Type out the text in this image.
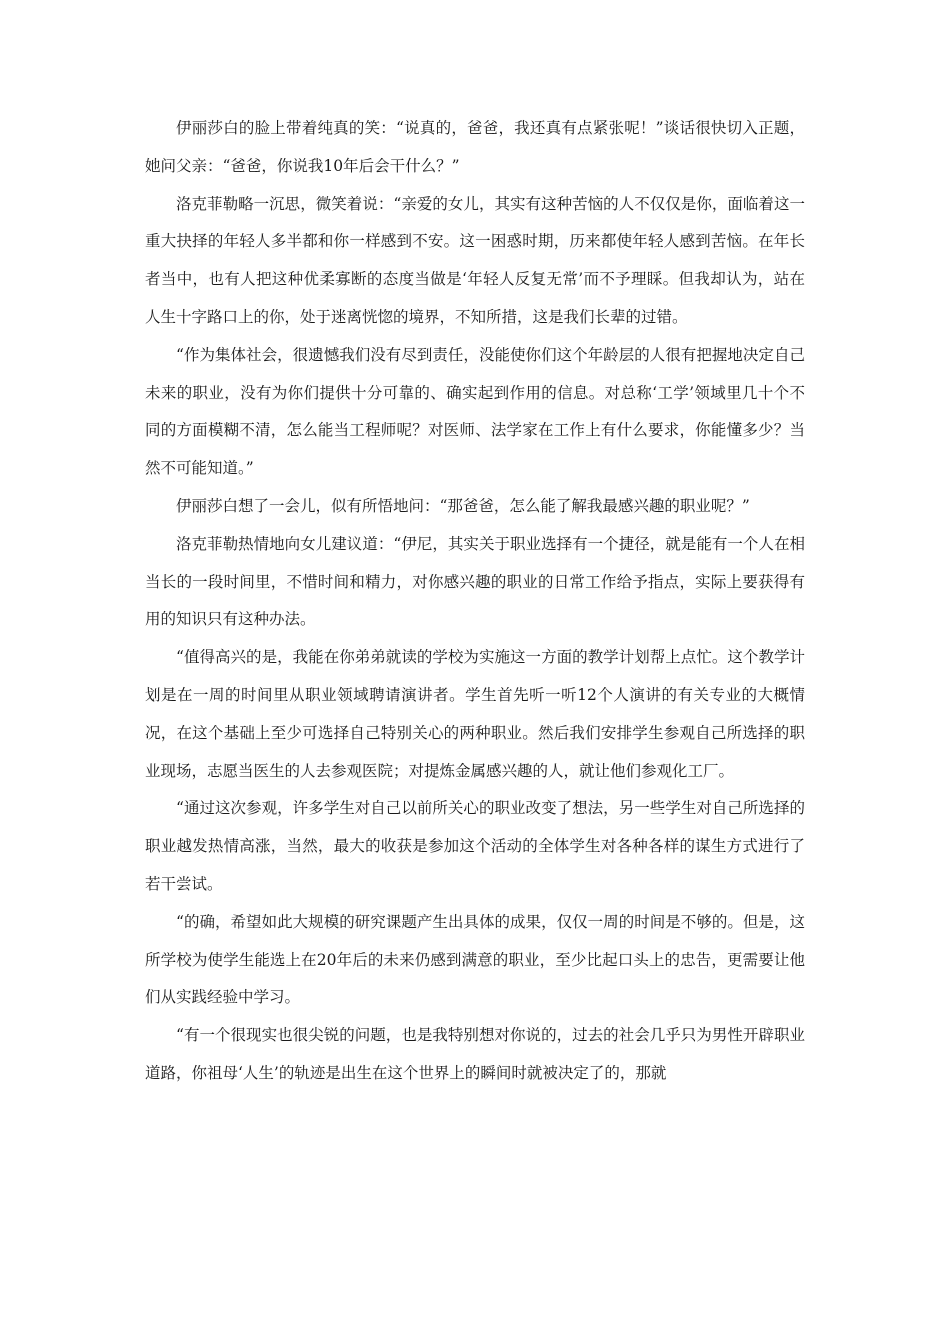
伊丽莎白的脸上带着纯真的笑：“说真的，爸爸，我还真有点紧张呢！”谈话很快切入正题，她问父亲：“爸爸，你说我10年后会干什么？”

洛克菲勒略一沉思，微笑着说：“亲爱的女儿，其实有这种苦恼的人不仅仅是你，面临着这一重大抉择的年轻人多半都和你一样感到不安。这一困惑时期，历来都使年轻人感到苦恼。在年长者当中，也有人把这种优柔寡断的态度当做是‘年轻人反复无常’而不予理睬。但我却认为，站在人生十字路口上的你，处于迷离恍惚的境界，不知所措，这是我们长辈的过错。

“作为集体社会，很遗憾我们没有尽到责任，没能使你们这个年龄层的人很有把握地决定自己未来的职业，没有为你们提供十分可靠的、确实起到作用的信息。对总称‘工学’领域里几十个不同的方面模糊不清，怎么能当工程师呢？对医师、法学家在工作上有什么要求，你能懂多少？当然不可能知道。”

伊丽莎白想了一会儿，似有所悟地问：“那爸爸，怎么能了解我最感兴趣的职业呢？”

洛克菲勒热情地向女儿建议道：“伊尼，其实关于职业选择有一个捷径，就是能有一个人在相当长的一段时间里，不惜时间和精力，对你感兴趣的职业的日常工作给予指点，实际上要获得有用的知识只有这种办法。

“值得高兴的是，我能在你弟弟就读的学校为实施这一方面的教学计划帮上点忙。这个教学计划是在一周的时间里从职业领域聘请演讲者。学生首先听一听12个人演讲的有关专业的大概情况，在这个基础上至少可选择自己特别关心的两种职业。然后我们安排学生参观自己所选择的职业现场，志愿当医生的人去参观医院；对提炼金属感兴趣的人，就让他们参观化工厂。

“通过这次参观，许多学生对自己以前所关心的职业改变了想法，另一些学生对自己所选择的职业越发热情高涨，当然，最大的收获是参加这个活动的全体学生对各种各样的谋生方式进行了若干尝试。

“的确，希望如此大规模的研究课题产生出具体的成果，仅仅一周的时间是不够的。但是，这所学校为使学生能选上在20年后的未来仍感到满意的职业，至少比起口头上的忠告，更需要让他们从实践经验中学习。

“有一个很现实也很尖锐的问题，也是我特别想对你说的，过去的社会几乎只为男性开辟职业道路，你祖母‘人生’的轨迹是出生在这个世界上的瞬间时就被决定了的，那就
